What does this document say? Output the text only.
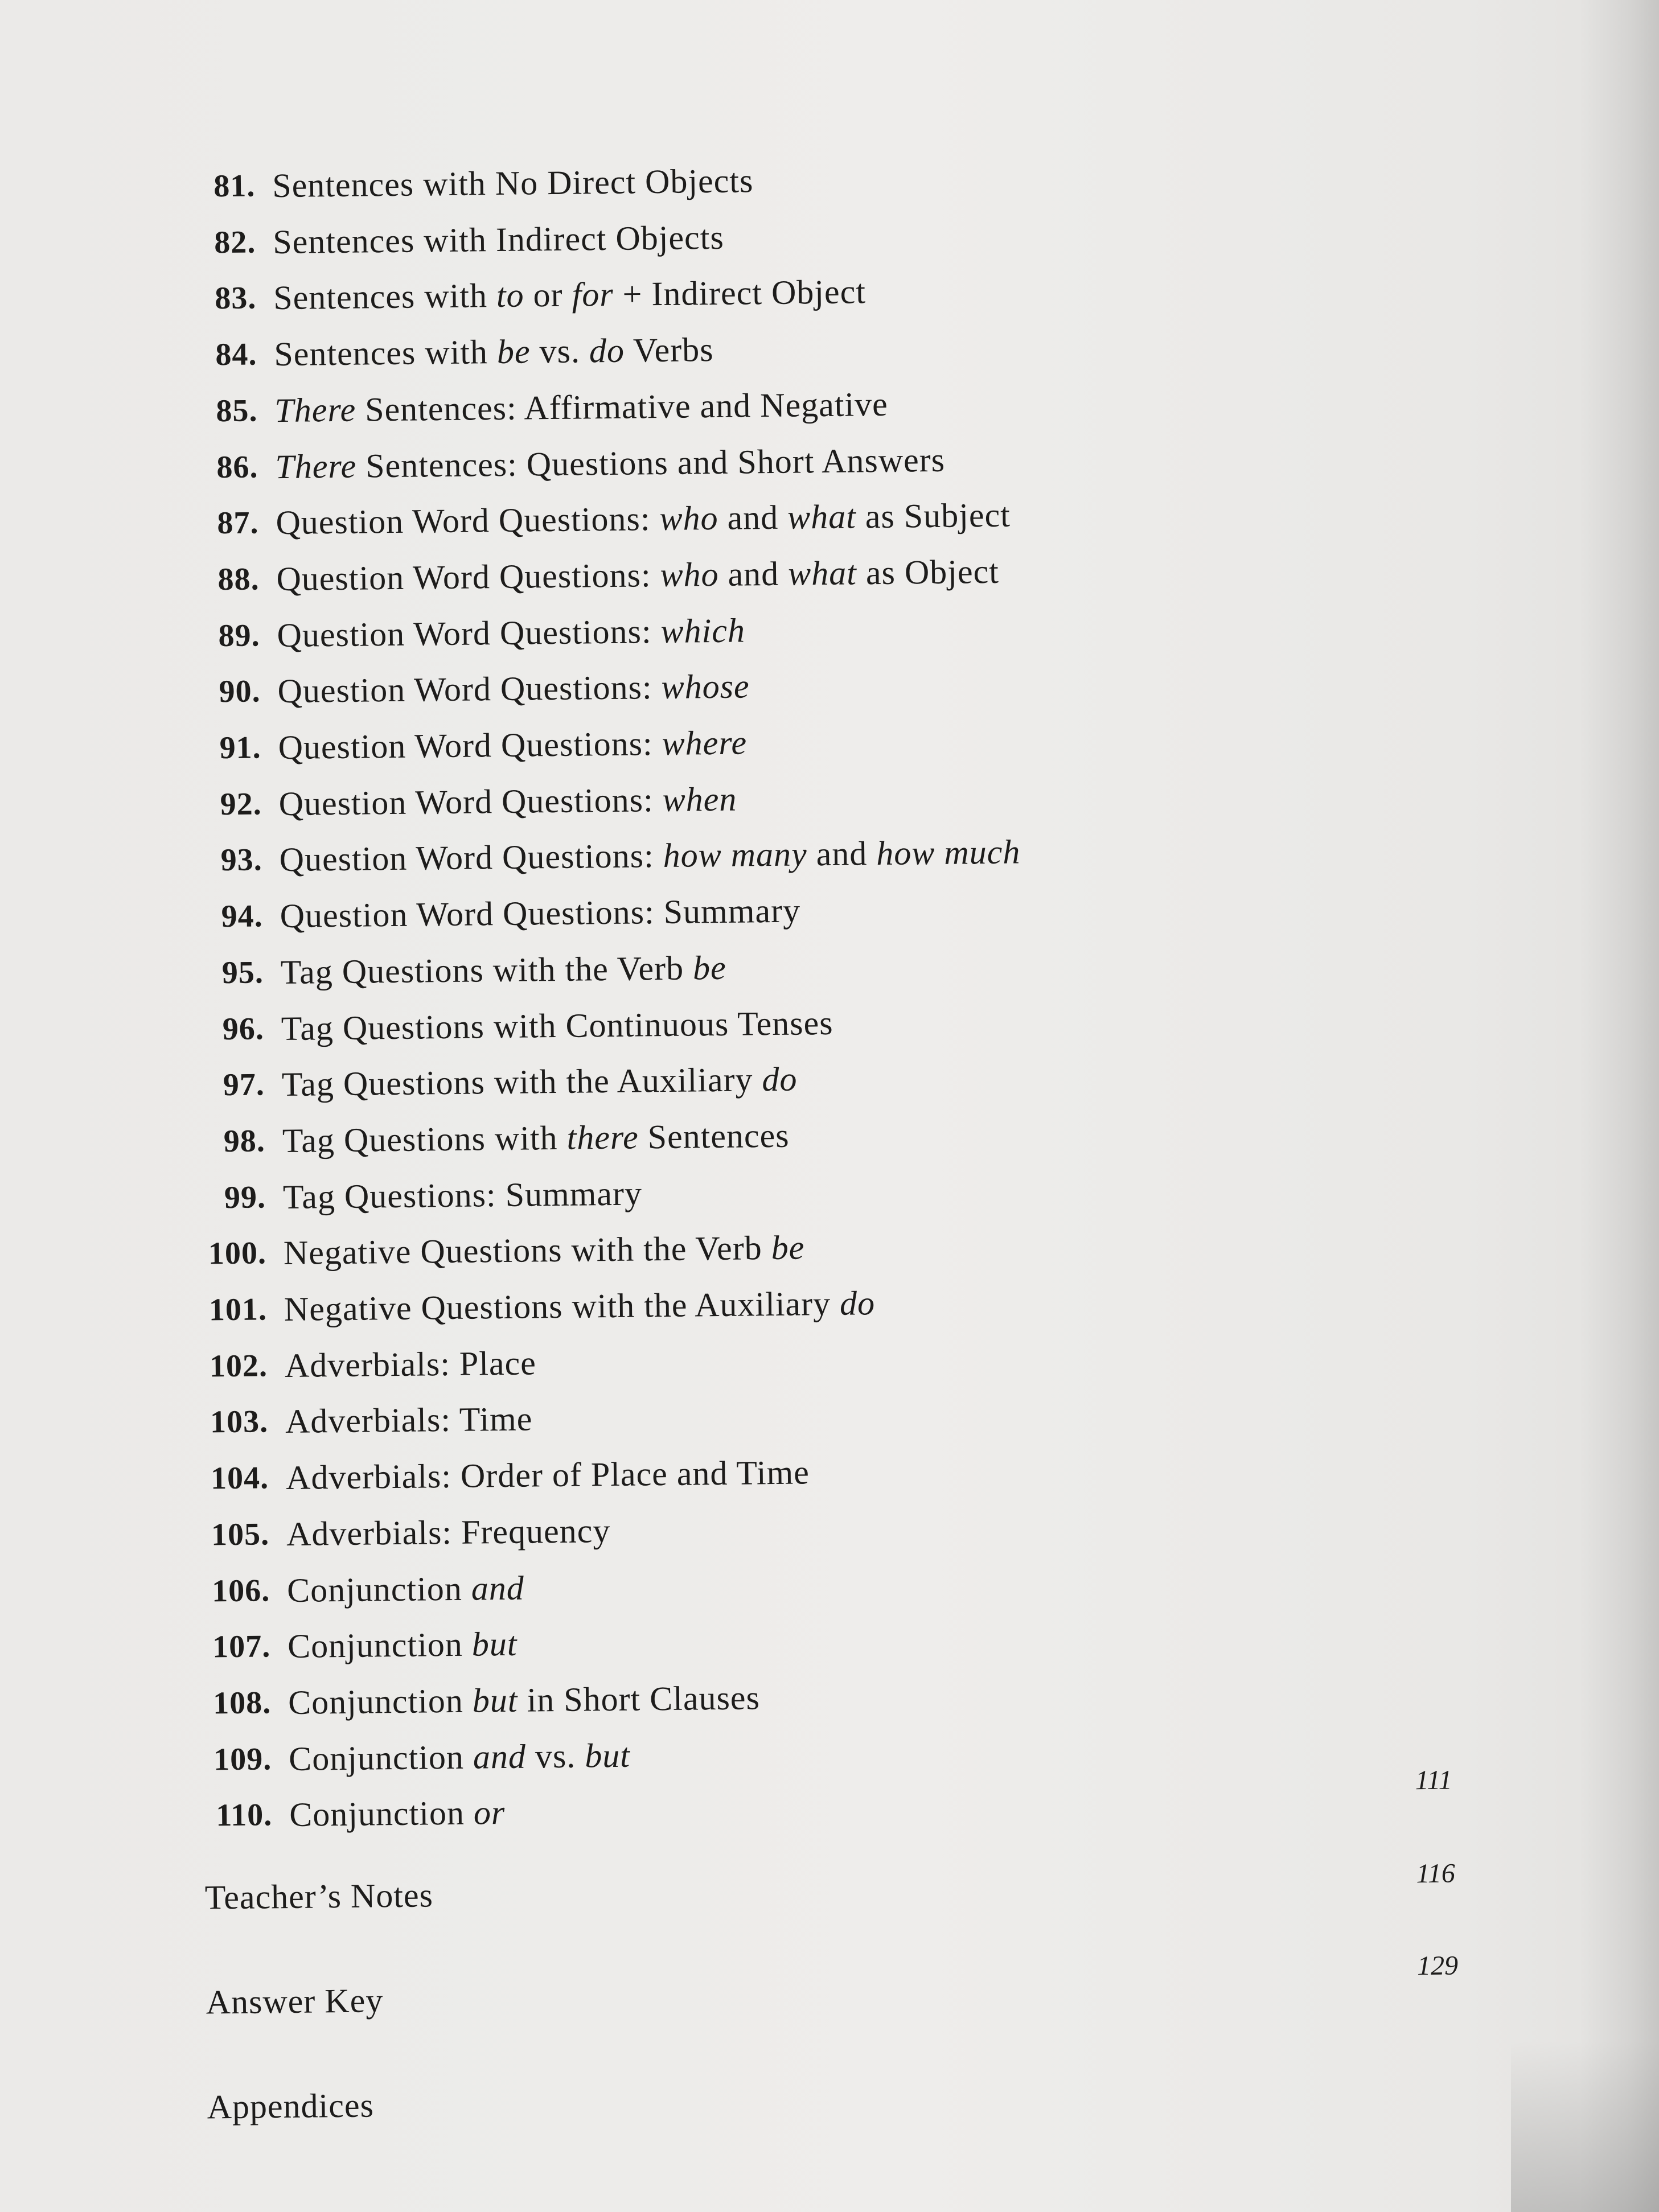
81. Sentences with No Direct Objects
82. Sentences with Indirect Objects
83. Sentences with to or for + Indirect Object
84. Sentences with be vs. do Verbs
85. There Sentences: Affirmative and Negative
86. There Sentences: Questions and Short Answers
87. Question Word Questions: who and what as Subject
88. Question Word Questions: who and what as Object
89. Question Word Questions: which
90. Question Word Questions: whose
91. Question Word Questions: where
92. Question Word Questions: when
93. Question Word Questions: how many and how much
94. Question Word Questions: Summary
95. Tag Questions with the Verb be
96. Tag Questions with Continuous Tenses
97. Tag Questions with the Auxiliary do
98. Tag Questions with there Sentences
99. Tag Questions: Summary
100. Negative Questions with the Verb be
101. Negative Questions with the Auxiliary do
102. Adverbials: Place
103. Adverbials: Time
104. Adverbials: Order of Place and Time
105. Adverbials: Frequency
106. Conjunction and
107. Conjunction but
108. Conjunction but in Short Clauses
109. Conjunction and vs. but
110. Conjunction or
Teacher’s Notes
111
Answer Key
116
Appendices
129
